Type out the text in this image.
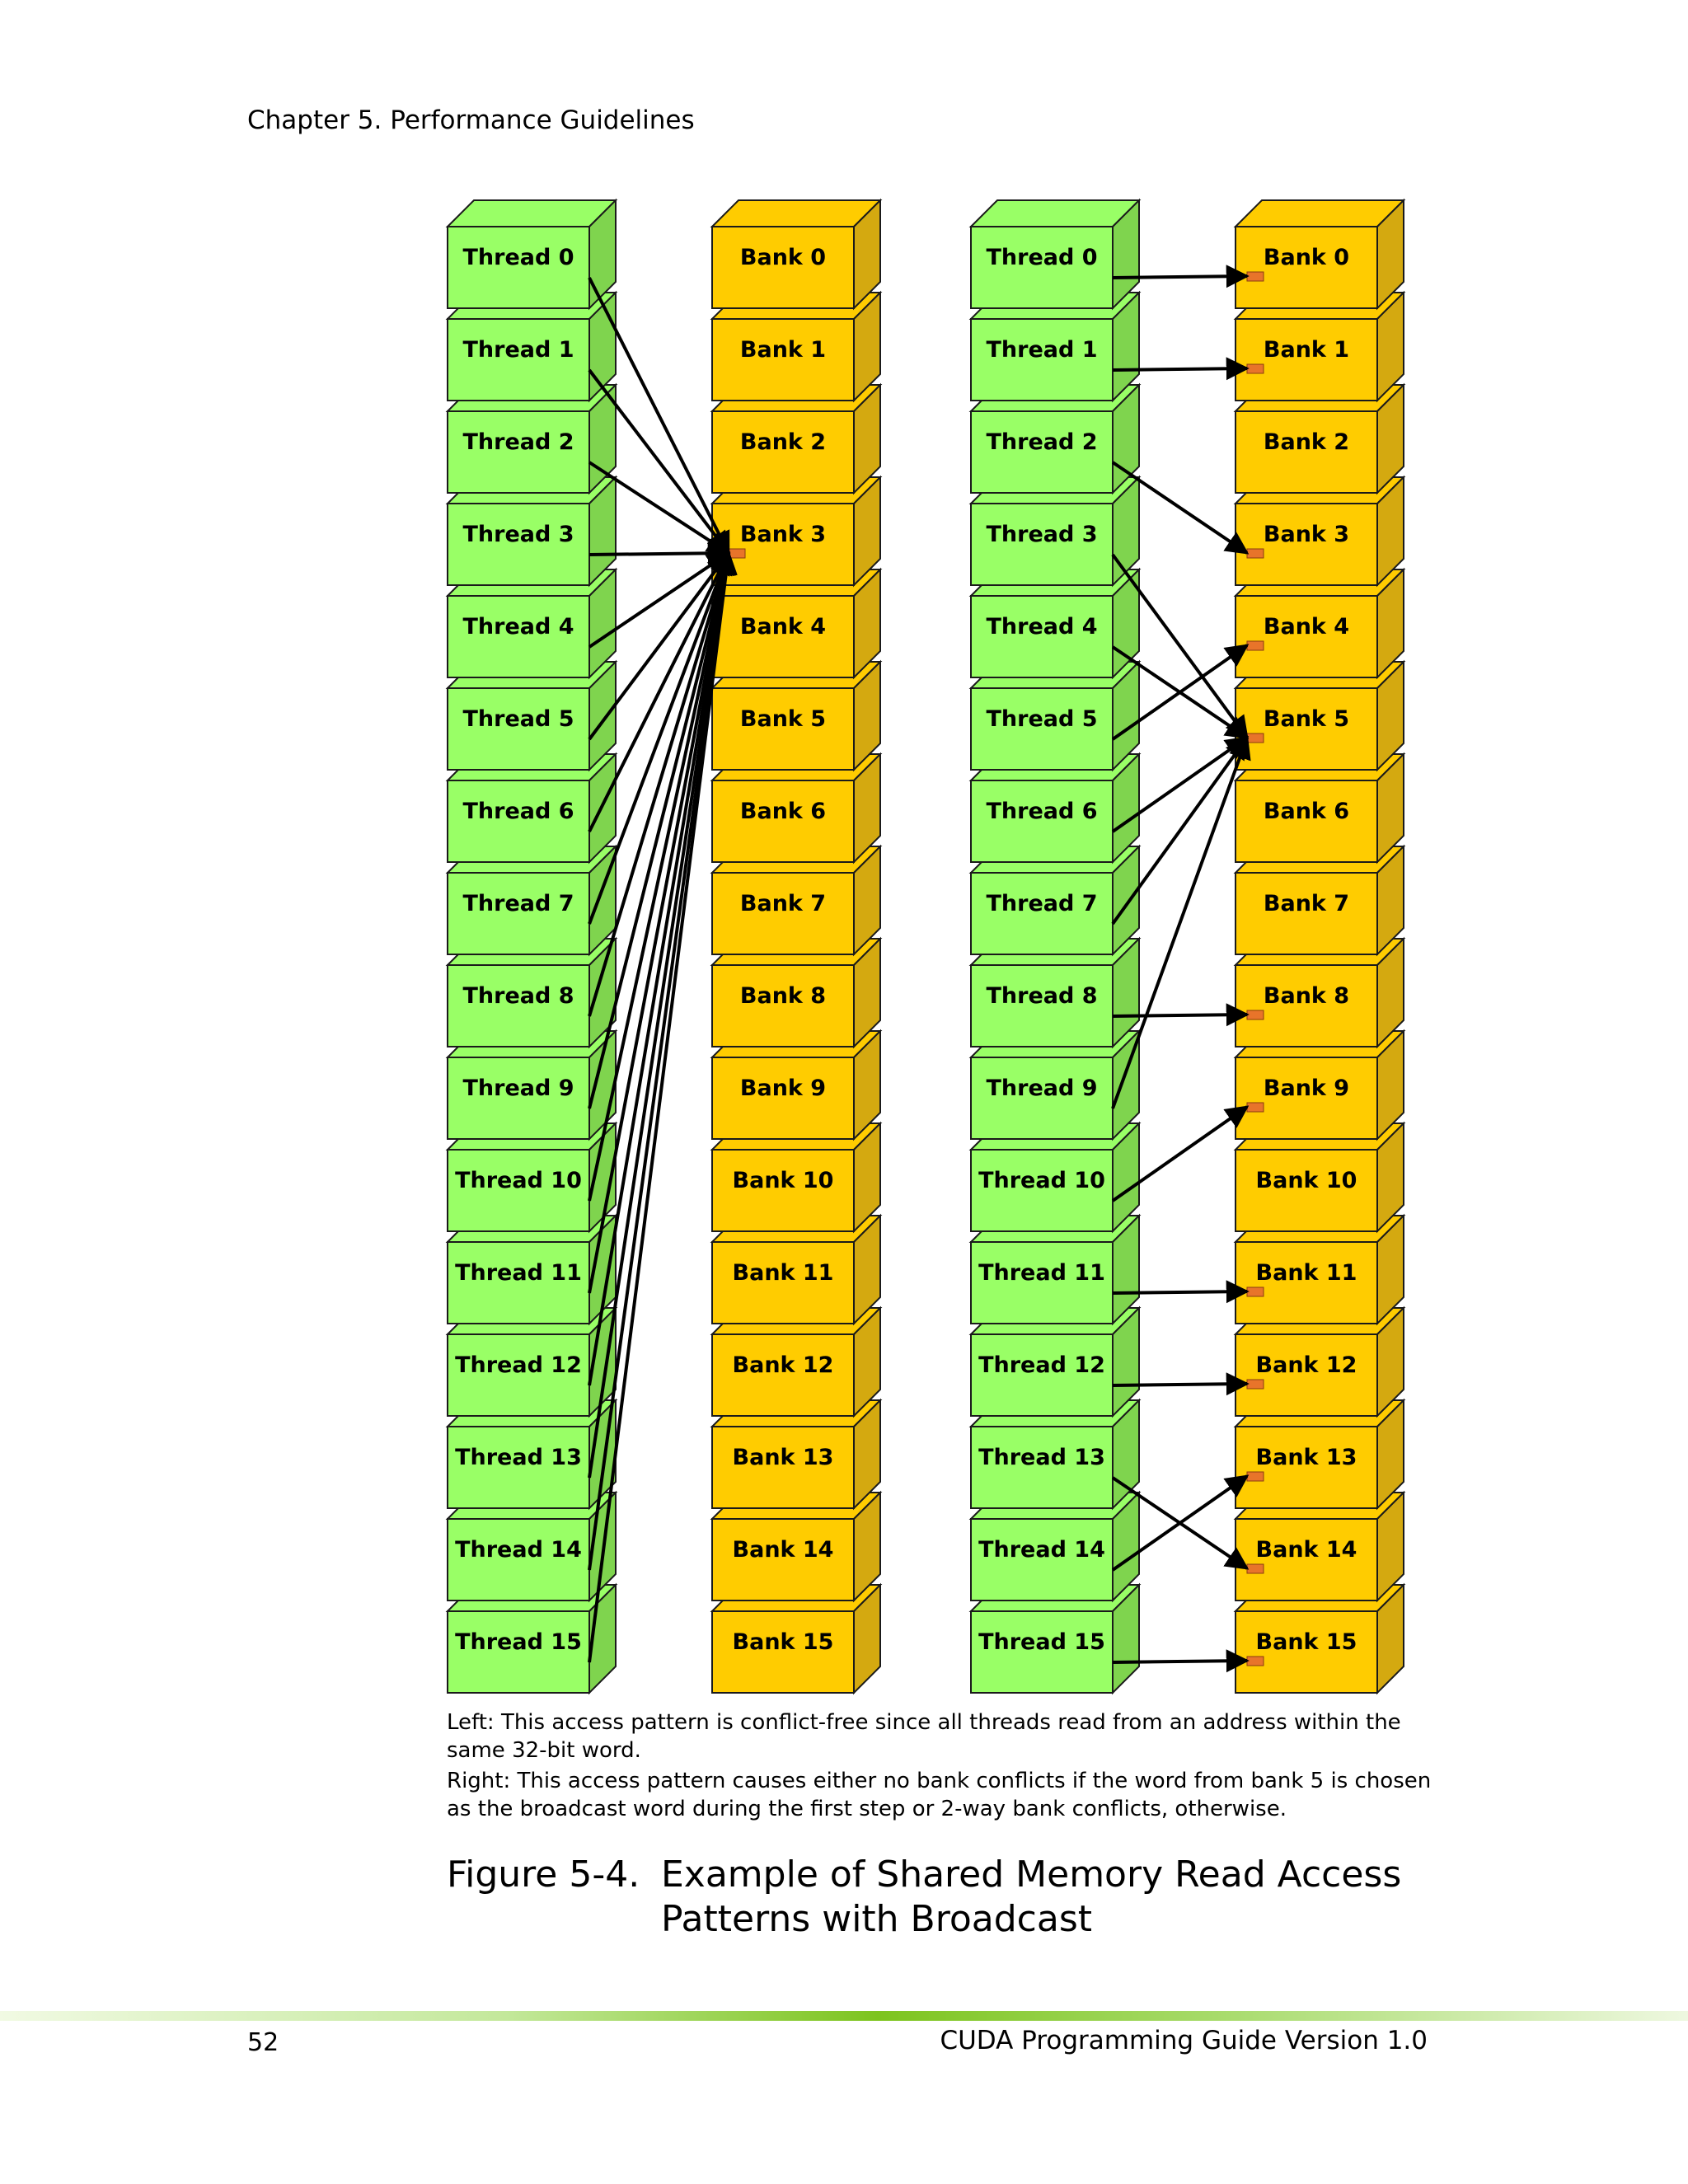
Chapter 5. Performance Guidelines
Thread 15
Thread 14
Thread 13
Thread 12
Thread 11
Thread 10
Thread 9
Thread 8
Thread 7
Thread 6
Thread 5
Thread 4
Thread 3
Thread 2
Thread 1
Thread 0
Bank 15
Bank 14
Bank 13
Bank 12
Bank 11
Bank 10
Bank 9
Bank 8
Bank 7
Bank 6
Bank 5
Bank 4
Bank 3
Bank 2
Bank 1
Bank 0
Thread 15
Thread 14
Thread 13
Thread 12
Thread 11
Thread 10
Thread 9
Thread 8
Thread 7
Thread 6
Thread 5
Thread 4
Thread 3
Thread 2
Thread 1
Thread 0
Bank 15
Bank 14
Bank 13
Bank 12
Bank 11
Bank 10
Bank 9
Bank 8
Bank 7
Bank 6
Bank 5
Bank 4
Bank 3
Bank 2
Bank 1
Bank 0
Left: This access pattern is conflict-free since all threads read from an address within the same 32-bit word.
Right: This access pattern causes either no bank conflicts if the word from bank 5 is chosen as the broadcast word during the first step or 2-way bank conflicts, otherwise.
Figure 5-4. Example of Shared Memory Read Access Patterns with Broadcast
52	CUDA Programming Guide Version 1.0
